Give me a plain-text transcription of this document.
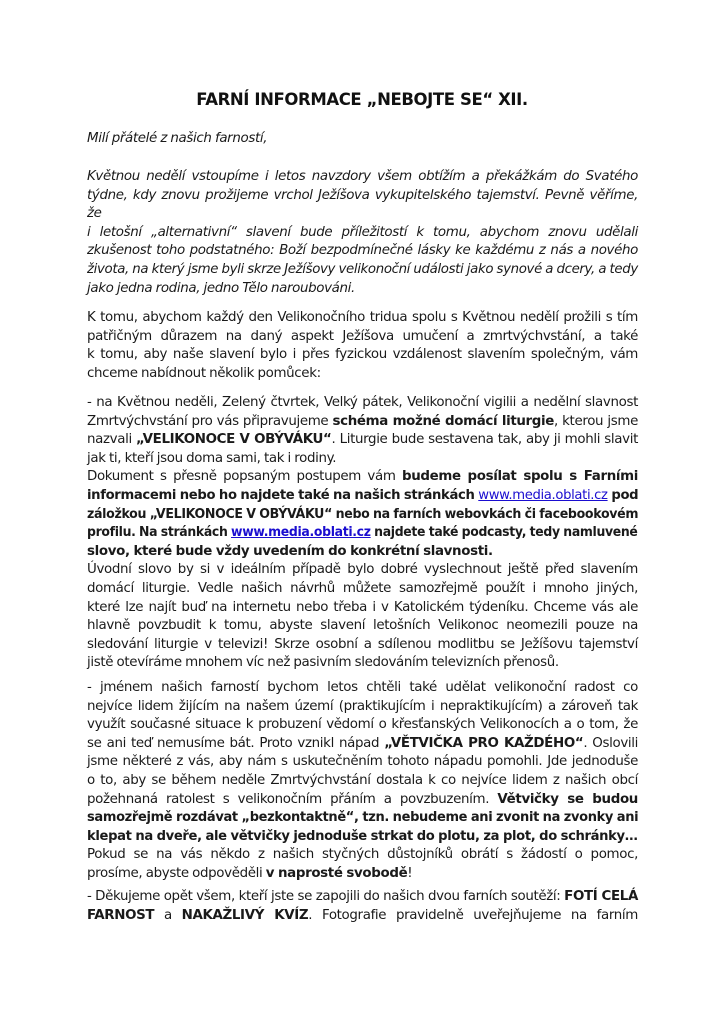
FARNÍ INFORMACE „NEBOJTE SE“ XII.
Milí přátelé z našich farností,
Květnou nedělí vstoupíme i letos navzdory všem obtížím a překážkám do Svatého
týdne, kdy znovu prožijeme vrchol Ježíšova vykupitelského tajemství. Pevně věříme, že
i letošní „alternativní“ slavení bude příležitostí k tomu, abychom znovu udělali
zkušenost toho podstatného: Boží bezpodmínečné lásky ke každému z nás a nového
života, na který jsme byli skrze Ježíšovy velikonoční události jako synové a dcery, a tedy
jako jedna rodina, jedno Tělo naroubováni.
K tomu, abychom každý den Velikonočního tridua spolu s Květnou nedělí prožili s tím
patřičným důrazem na daný aspekt Ježíšova umučení a zmrtvýchvstání, a také
k tomu, aby naše slavení bylo i přes fyzickou vzdálenost slavením společným, vám
chceme nabídnout několik pomůcek:
- na Květnou neděli, Zelený čtvrtek, Velký pátek, Velikonoční vigilii a nedělní slavnost
Zmrtvýchvstání pro vás připravujeme schéma možné domácí liturgie, kterou jsme
nazvali „VELIKONOCE V OBÝVÁKU“. Liturgie bude sestavena tak, aby ji mohli slavit
jak ti, kteří jsou doma sami, tak i rodiny.
Dokument s přesně popsaným postupem vám budeme posílat spolu s Farními
informacemi nebo ho najdete také na našich stránkách www.media.oblati.cz pod
záložkou „VELIKONOCE V OBÝVÁKU“ nebo na farních webovkách či facebookovém
profilu. Na stránkách www.media.oblati.cz najdete také podcasty, tedy namluvené
slovo, které bude vždy uvedením do konkrétní slavnosti.
Úvodní slovo by si v ideálním případě bylo dobré vyslechnout ještě před slavením
domácí liturgie. Vedle našich návrhů můžete samozřejmě použít i mnoho jiných,
které lze najít buď na internetu nebo třeba i v Katolickém týdeníku. Chceme vás ale
hlavně povzbudit k tomu, abyste slavení letošních Velikonoc neomezili pouze na
sledování liturgie v televizi! Skrze osobní a sdílenou modlitbu se Ježíšovu tajemství
jistě otevíráme mnohem víc než pasivním sledováním televizních přenosů.
- jménem našich farností bychom letos chtěli také udělat velikonoční radost co
nejvíce lidem žijícím na našem území (praktikujícím i nepraktikujícím) a zároveň tak
využít současné situace k probuzení vědomí o křesťanských Velikonocích a o tom, že
se ani teď nemusíme bát. Proto vznikl nápad „VĚTVIČKA PRO KAŽDÉHO“. Oslovili
jsme některé z vás, aby nám s uskutečněním tohoto nápadu pomohli. Jde jednoduše
o to, aby se během neděle Zmrtvýchvstání dostala k co nejvíce lidem z našich obcí
požehnaná ratolest s velikonočním přáním a povzbuzením. Větvičky se budou
samozřejmě rozdávat „bezkontaktně“, tzn. nebudeme ani zvonit na zvonky ani
klepat na dveře, ale větvičky jednoduše strkat do plotu, za plot, do schránky…
Pokud se na vás někdo z našich styčných důstojníků obrátí s žádostí o pomoc,
prosíme, abyste odpověděli v naprosté svobodě!
- Děkujeme opět všem, kteří jste se zapojili do našich dvou farních soutěží: FOTÍ CELÁ
FARNOST a NAKAŽLIVÝ KVÍZ. Fotografie pravidelně uveřejňujeme na farním
